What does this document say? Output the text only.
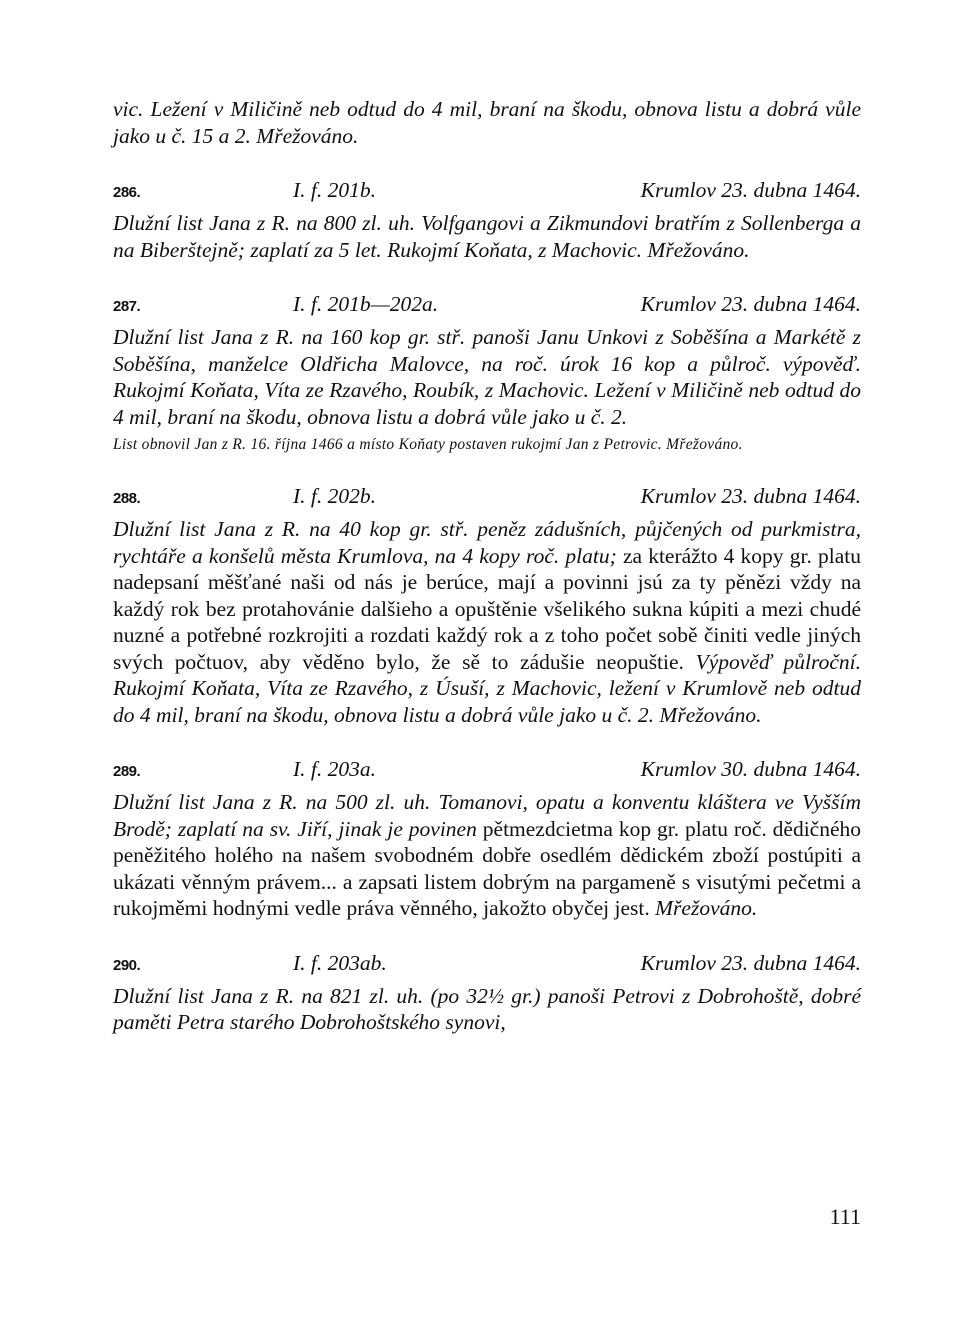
vic. Ležení v Miličině neb odtud do 4 mil, braní na škodu, obnova listu a dobrá vůle jako u č. 15 a 2. Mřežováno.

286.	I. f. 201b.	Krumlov 23. dubna 1464.

Dlužní list Jana z R. na 800 zl. uh. Volfgangovi a Zikmundovi bratřím z Sollenberga a na Biberštejně; zaplatí za 5 let. Rukojmí Koňata, z Machovic. Mřežováno.

287.	I. f. 201b—202a.	Krumlov 23. dubna 1464.

Dlužní list Jana z R. na 160 kop gr. stř. panoši Janu Unkovi z Soběšína a Markétě z Soběšína, manželce Oldřicha Malovce, na roč. úrok 16 kop a půlroč. výpověď. Rukojmí Koňata, Víta ze Rzavého, Roubík, z Machovic. Ležení v Miličině neb odtud do 4 mil, braní na škodu, obnova listu a dobrá vůle jako u č. 2.

List obnovil Jan z R. 16. října 1466 a místo Koňaty postaven rukojmí Jan z Petrovic. Mřežováno.

288.	I. f. 202b.	Krumlov 23. dubna 1464.

Dlužní list Jana z R. na 40 kop gr. stř. peněz zádušních, půjčených od purkmistra, rychtáře a konšelů města Krumlova, na 4 kopy roč. platu; za kterážto 4 kopy gr. platu nadepsaní měšťané naši od nás je berúce, mají a povinni jsú za ty pěnězi vždy na každý rok bez protahovánie dalšieho a opuštěnie všelikého sukna kúpiti a mezi chudé nuzné a potřebné rozkrojiti a rozdati každý rok a z toho počet sobě činiti vedle jiných svých počtuov, aby věděno bylo, že sě to zádušie neopuštie. Výpověď půlroční. Rukojmí Koňata, Víta ze Rzavého, z Úsuší, z Machovic, ležení v Krumlově neb odtud do 4 mil, braní na škodu, obnova listu a dobrá vůle jako u č. 2. Mřežováno.

289.	I. f. 203a.	Krumlov 30. dubna 1464.

Dlužní list Jana z R. na 500 zl. uh. Tomanovi, opatu a konventu kláštera ve Vyšším Brodě; zaplatí na sv. Jiří, jinak je povinen pětmezdcietma kop gr. platu roč. dědičného peněžitého holého na našem svobodném dobře osedlém dědickém zboží postúpiti a ukázati věnným právem... a zapsati listem dobrým na pargameně s visutými pečetmi a rukojměmi hodnými vedle práva věnného, jakožto obyčej jest. Mřežováno.

290.	I. f. 203ab.	Krumlov 23. dubna 1464.

Dlužní list Jana z R. na 821 zl. uh. (po 32½ gr.) panoši Petrovi z Dobrohoště, dobré paměti Petra starého Dobrohoštského synovi,

111
